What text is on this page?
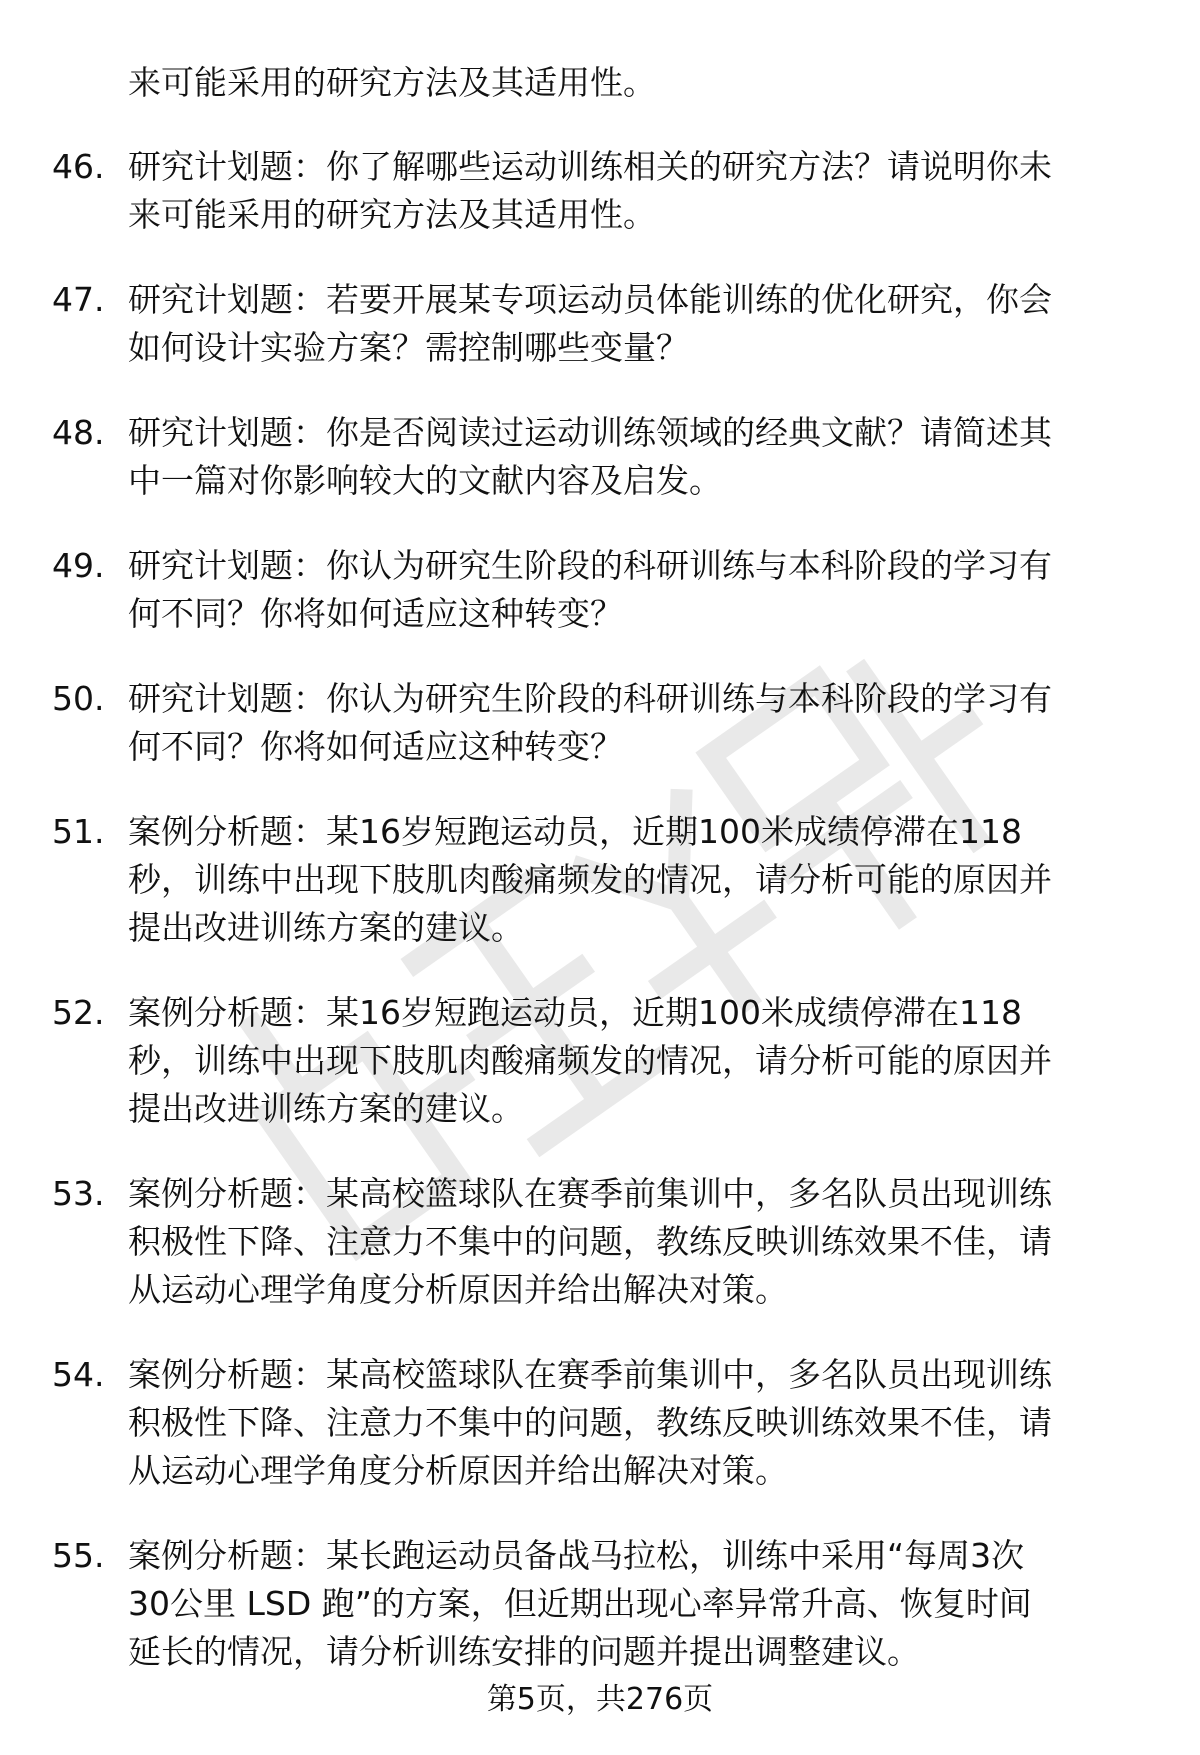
来可能采用的研究方法及其适用性。
46. 研究计划题：你了解哪些运动训练相关的研究方法？请说明你未
来可能采用的研究方法及其适用性。
47. 研究计划题：若要开展某专项运动员体能训练的优化研究，你会
如何设计实验方案？需控制哪些变量？
48. 研究计划题：你是否阅读过运动训练领域的经典文献？请简述其
中一篇对你影响较大的文献内容及启发。
49. 研究计划题：你认为研究生阶段的科研训练与本科阶段的学习有
何不同？你将如何适应这种转变？
50. 研究计划题：你认为研究生阶段的科研训练与本科阶段的学习有
何不同？你将如何适应这种转变？
51. 案例分析题：某16岁短跑运动员，近期100米成绩停滞在118
秒，训练中出现下肢肌肉酸痛频发的情况，请分析可能的原因并
提出改进训练方案的建议。
52. 案例分析题：某16岁短跑运动员，近期100米成绩停滞在118
秒，训练中出现下肢肌肉酸痛频发的情况，请分析可能的原因并
提出改进训练方案的建议。
53. 案例分析题：某高校篮球队在赛季前集训中，多名队员出现训练
积极性下降、注意力不集中的问题，教练反映训练效果不佳，请
从运动心理学角度分析原因并给出解决对策。
54. 案例分析题：某高校篮球队在赛季前集训中，多名队员出现训练
积极性下降、注意力不集中的问题，教练反映训练效果不佳，请
从运动心理学角度分析原因并给出解决对策。
55. 案例分析题：某长跑运动员备战马拉松，训练中采用“每周3次
30公里 LSD 跑”的方案，但近期出现心率异常升高、恢复时间
延长的情况，请分析训练安排的问题并提出调整建议。
第5页，共276页
